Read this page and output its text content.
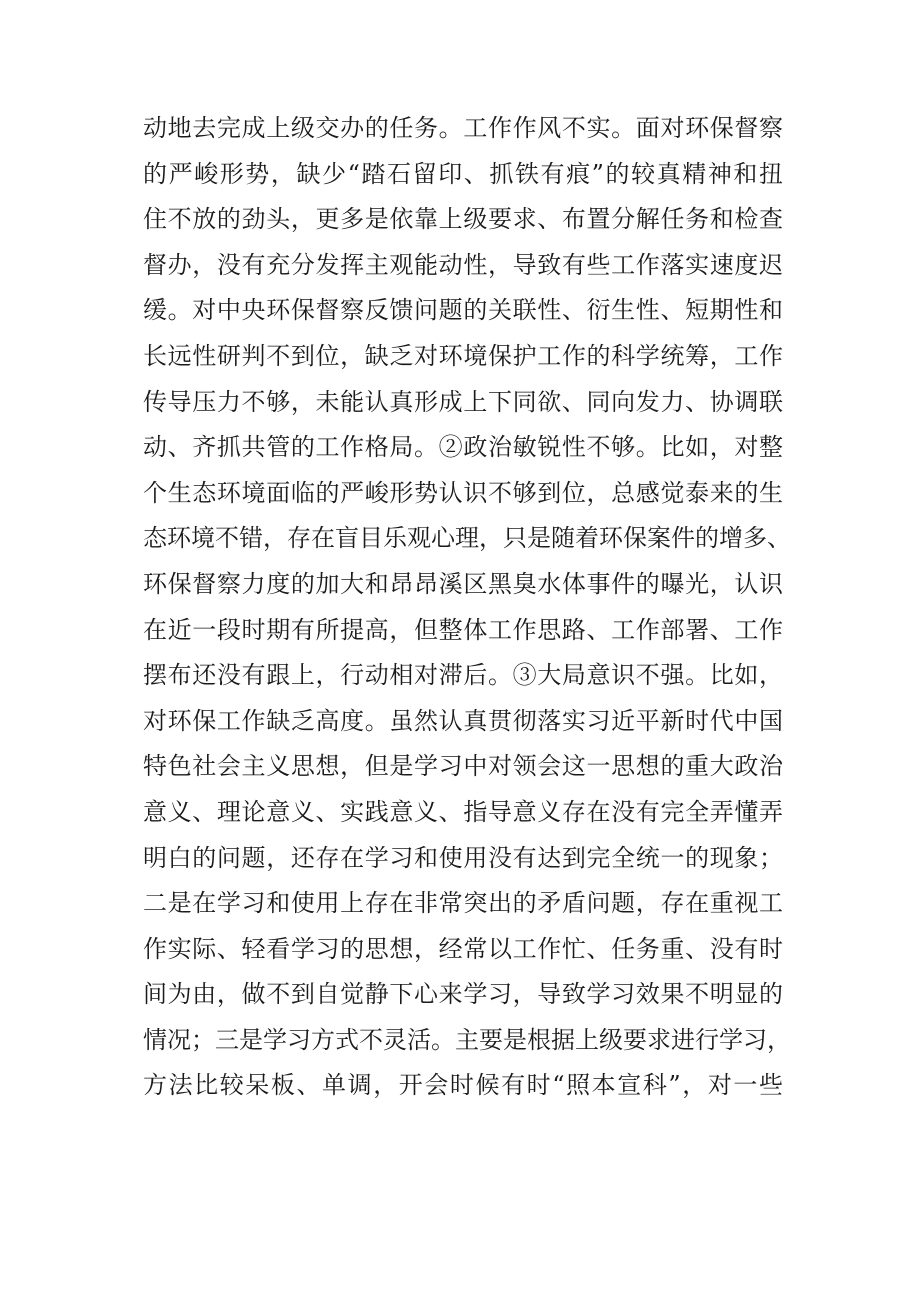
动地去完成上级交办的任务。工作作风不实。面对环保督察
的严峻形势，缺少“踏石留印、抓铁有痕”的较真精神和扭
住不放的劲头，更多是依靠上级要求、布置分解任务和检查
督办，没有充分发挥主观能动性，导致有些工作落实速度迟
缓。对中央环保督察反馈问题的关联性、衍生性、短期性和
长远性研判不到位，缺乏对环境保护工作的科学统筹，工作
传导压力不够，未能认真形成上下同欲、同向发力、协调联
动、齐抓共管的工作格局。②政治敏锐性不够。比如，对整
个生态环境面临的严峻形势认识不够到位，总感觉泰来的生
态环境不错，存在盲目乐观心理，只是随着环保案件的增多、
环保督察力度的加大和昂昂溪区黑臭水体事件的曝光，认识
在近一段时期有所提高，但整体工作思路、工作部署、工作
摆布还没有跟上，行动相对滞后。③大局意识不强。比如，
对环保工作缺乏高度。虽然认真贯彻落实习近平新时代中国
特色社会主义思想，但是学习中对领会这一思想的重大政治
意义、理论意义、实践意义、指导意义存在没有完全弄懂弄
明白的问题，还存在学习和使用没有达到完全统一的现象；
二是在学习和使用上存在非常突出的矛盾问题，存在重视工
作实际、轻看学习的思想，经常以工作忙、任务重、没有时
间为由，做不到自觉静下心来学习，导致学习效果不明显的
情况；三是学习方式不灵活。主要是根据上级要求进行学习，
方法比较呆板、单调，开会时候有时“照本宣科”，对一些
